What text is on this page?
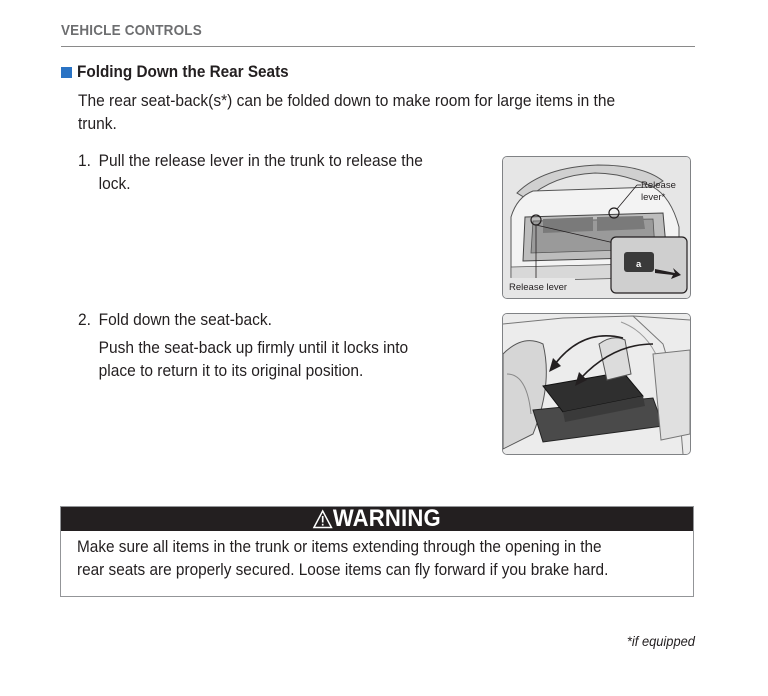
VEHICLE CONTROLS
Folding Down the Rear Seats
The rear seat-back(s*) can be folded down to make room for large items in the
trunk.
1. Pull the release lever in the trunk to release the
lock.
2. Fold down the seat-back.
Push the seat-back up firmly until it locks into
place to return it to its original position.
a
Release
lever*
Release lever
WARNING
Make sure all items in the trunk or items extending through the opening in the
rear seats are properly secured. Loose items can fly forward if you brake hard.
*if equipped
